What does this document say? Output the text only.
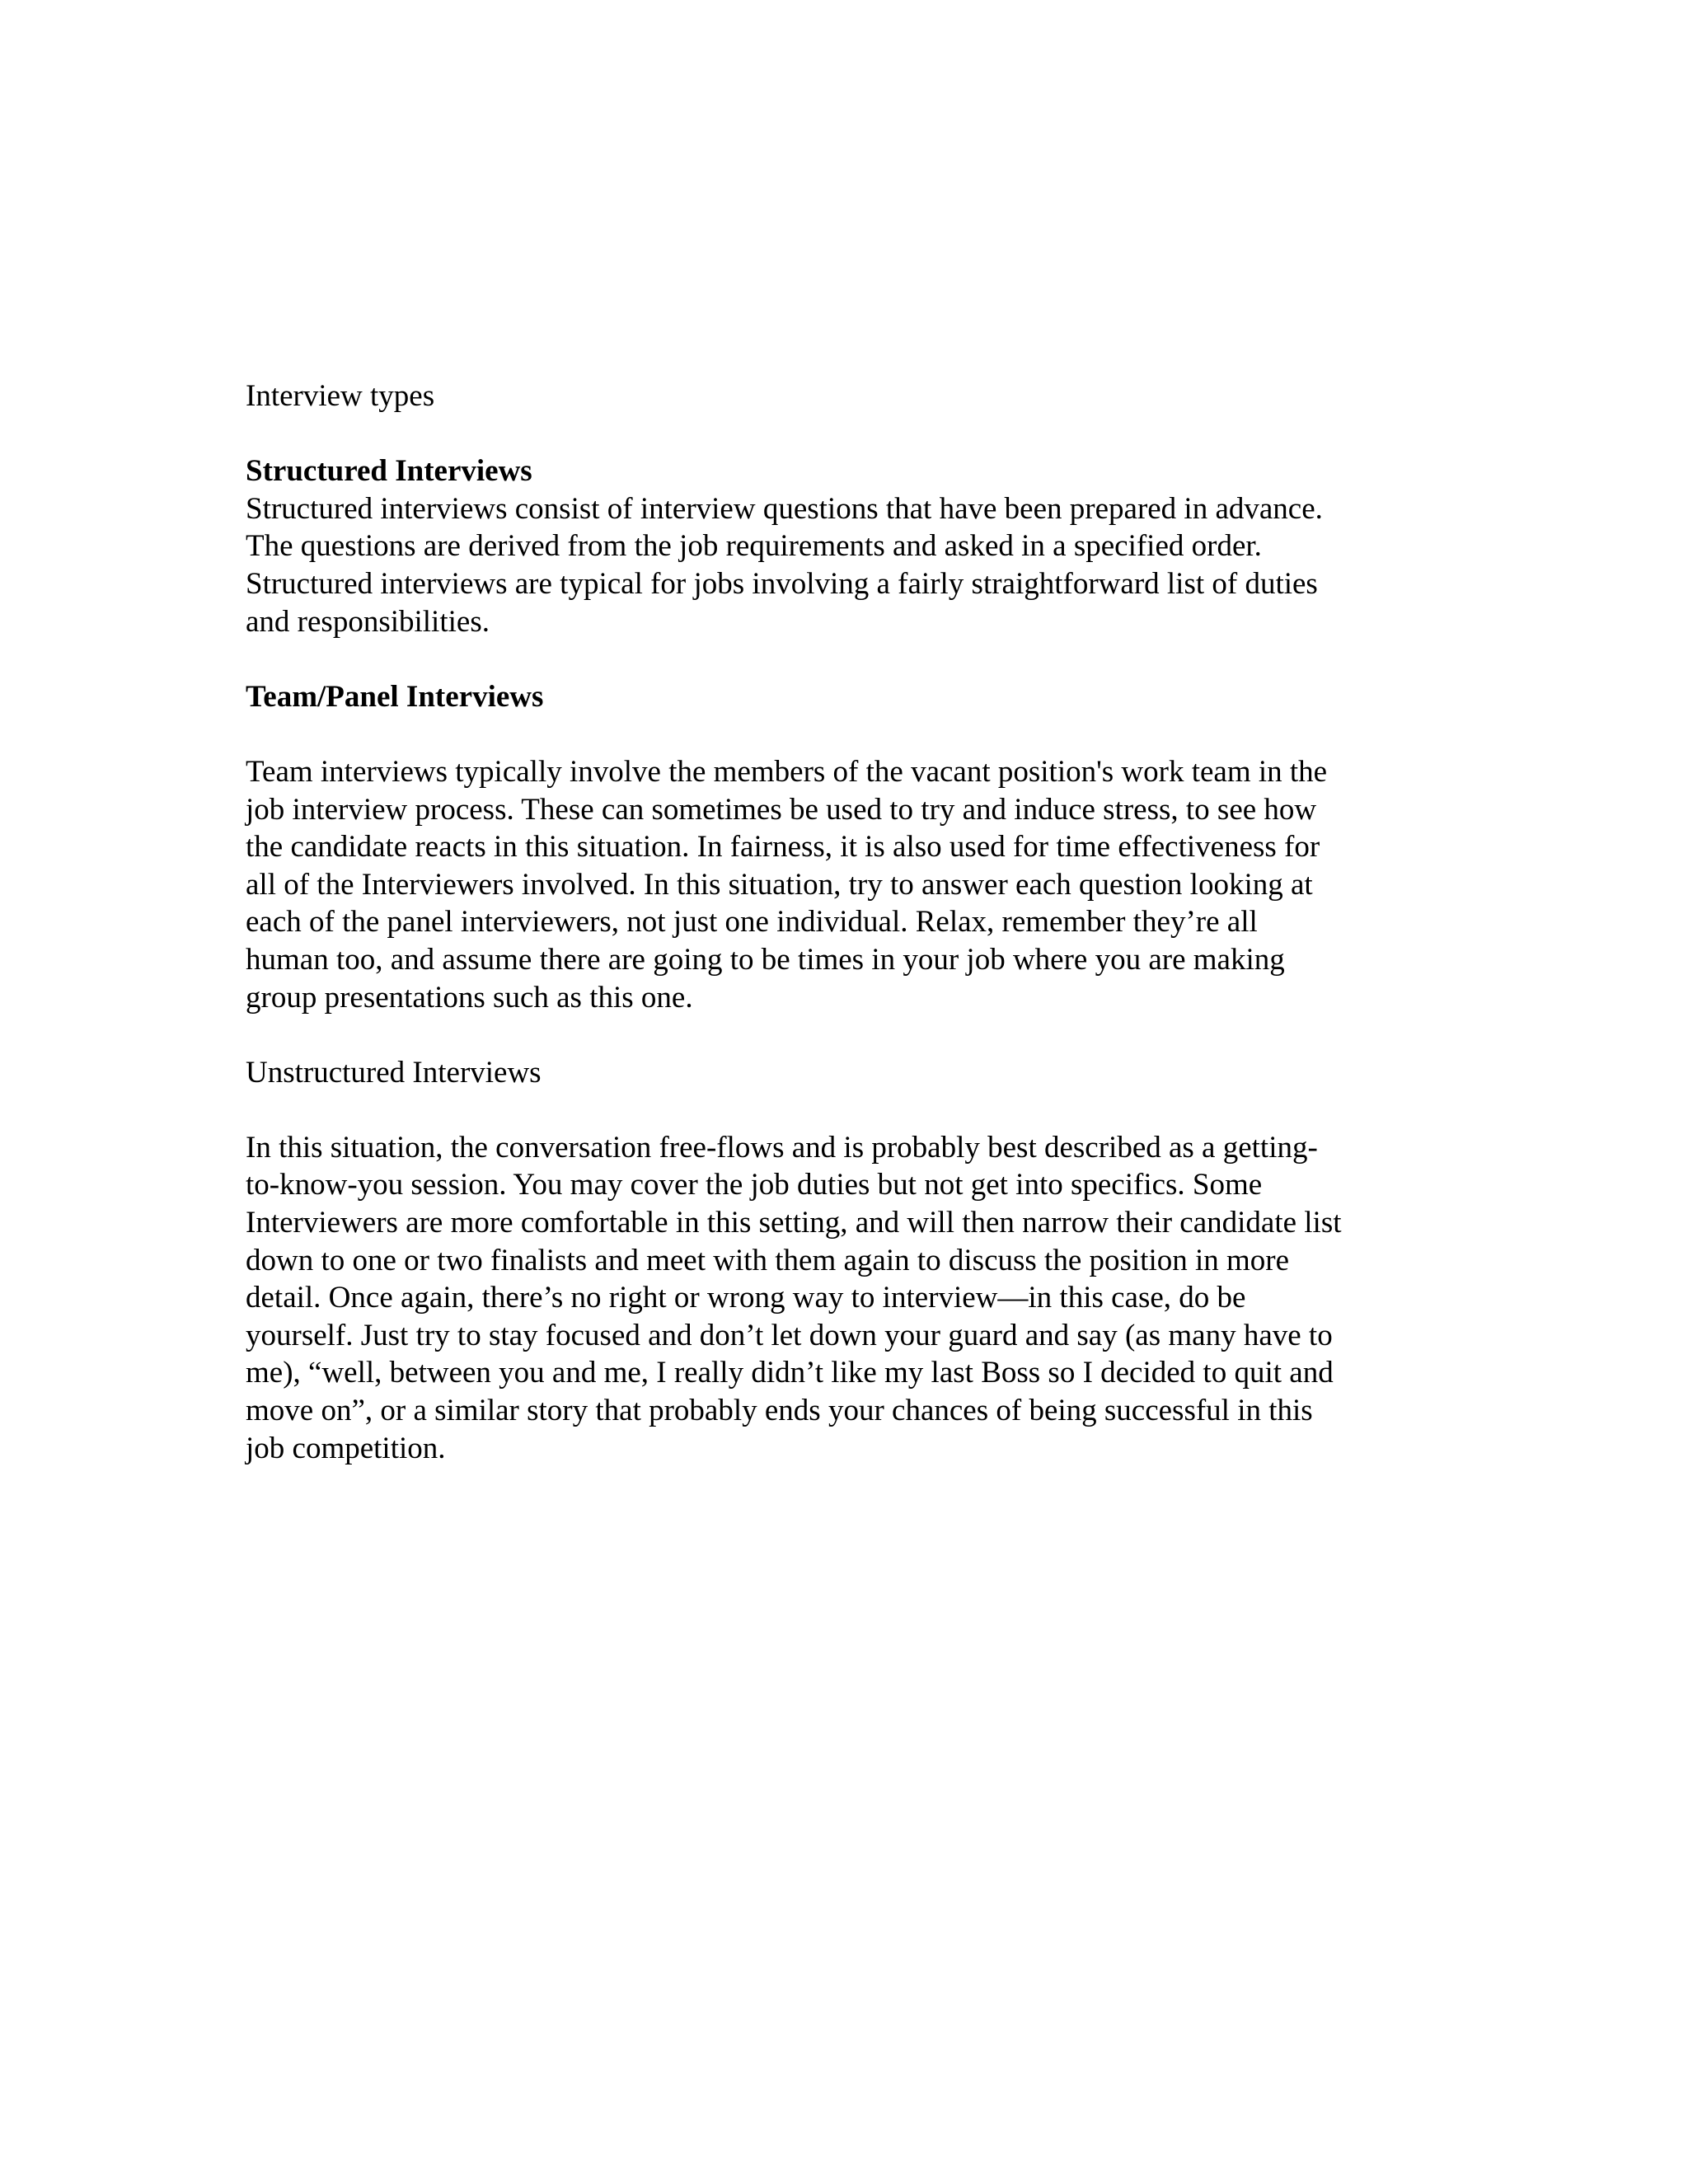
Interview types
Structured Interviews
Structured interviews consist of interview questions that have been prepared in advance.
The questions are derived from the job requirements and asked in a specified order.
Structured interviews are typical for jobs involving a fairly straightforward list of duties
and responsibilities.
Team/Panel Interviews
Team interviews typically involve the members of the vacant position's work team in the
job interview process. These can sometimes be used to try and induce stress, to see how
the candidate reacts in this situation. In fairness, it is also used for time effectiveness for
all of the Interviewers involved. In this situation, try to answer each question looking at
each of the panel interviewers, not just one individual. Relax, remember they’re all
human too, and assume there are going to be times in your job where you are making
group presentations such as this one.
Unstructured Interviews
In this situation, the conversation free-flows and is probably best described as a getting-
to-know-you session. You may cover the job duties but not get into specifics. Some
Interviewers are more comfortable in this setting, and will then narrow their candidate list
down to one or two finalists and meet with them again to discuss the position in more
detail. Once again, there’s no right or wrong way to interview—in this case, do be
yourself. Just try to stay focused and don’t let down your guard and say (as many have to
me), “well, between you and me, I really didn’t like my last Boss so I decided to quit and
move on”, or a similar story that probably ends your chances of being successful in this
job competition.
